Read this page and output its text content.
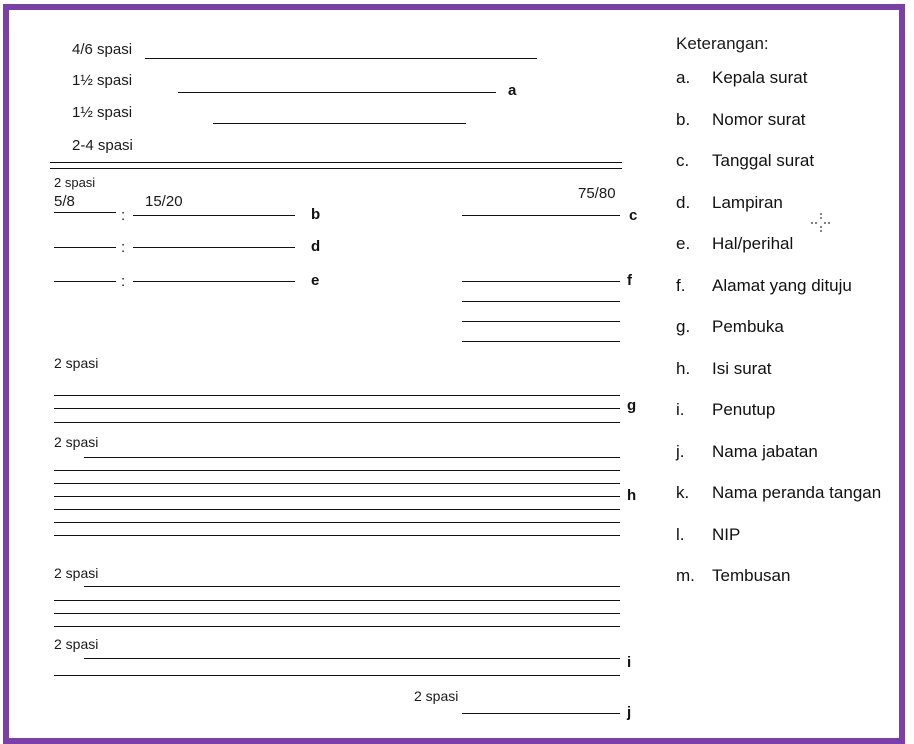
4/6 spasi
1½ spasi
a
1½ spasi
2-4 spasi
2 spasi
5/8	15/20	75/80
:	b	c
:	d
:	e	f
2 spasi
g
2 spasi
h
2 spasi
2 spasi
i
2 spasi
j
Keterangan:
a.	Kepala surat
b.	Nomor surat
c.	Tanggal surat
d.	Lampiran
e.	Hal/perihal
f.	Alamat yang dituju
g.	Pembuka
h.	Isi surat
i.	Penutup
j.	Nama jabatan
k.	Nama peranda tangan
l.	NIP
m.	Tembusan
